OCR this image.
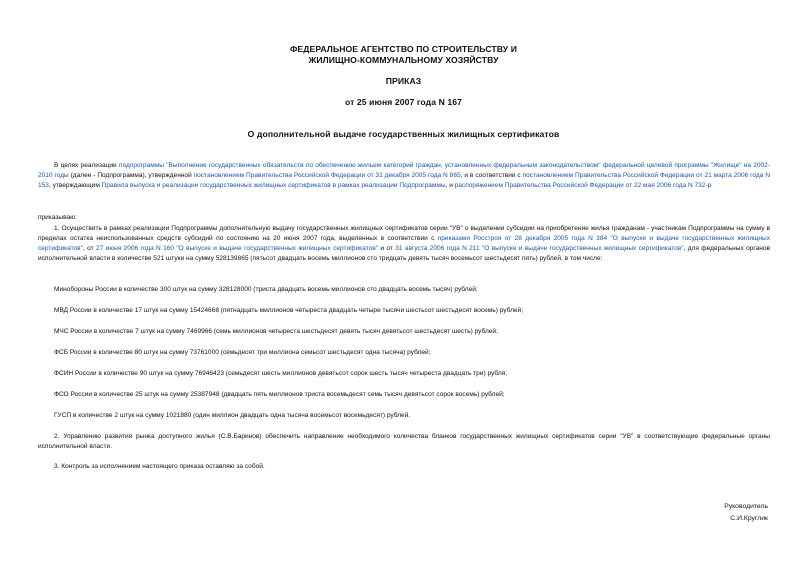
ФЕДЕРАЛЬНОЕ АГЕНТСТВО ПО СТРОИТЕЛЬСТВУ И
ЖИЛИЩНО-КОММУНАЛЬНОМУ ХОЗЯЙСТВУ
ПРИКАЗ
от 25 июня 2007 года N 167
О дополнительной выдаче государственных жилищных сертификатов
В целях реализации подпрограммы "Выполнение государственных обязательств по обеспечению жильем категорий граждан, установленных федеральным законодательством" федеральной целевой программы "Жилище" на 2002-2010 годы (далее - Подпрограмма), утвержденной постановлением Правительства Российской Федерации от 31 декабря 2005 года N 865, и в соответствии с постановлением Правительства Российской Федерации от 21 марта 2006 года N 153, утверждающим Правила выпуска и реализации государственных жилищных сертификатов в рамках реализации Подпрограммы, и распоряжением Правительства Российской Федерации от 22 мая 2006 года N 732-р
приказываю:
1. Осуществить в рамках реализации Подпрограммы дополнительную выдачу государственных жилищных сертификатов серии "УВ" о выделении субсидии на приобретение жилья гражданам - участникам Подпрограммы на сумму в пределах остатка неиспользованных средств субсидий по состоянию на 20 июня 2007 года, выделенных в соответствии с приказами Росстроя от 28 декабря 2005 года N 384 "О выпуске и выдаче государственных жилищных сертификатов", от 27 июня 2006 года N 160 "О выпуске и выдаче государственных жилищных сертификатов" и от 31 августа 2006 года N 211 "О выпуске и выдаче государственных жилищных сертификатов", для федеральных органов исполнительной власти в количестве 521 штуки на сумму 528139865 (пятьсот двадцать восемь миллионов сто тридцать девять тысяч восемьсот шестьдесят пять) рублей, в том числе:
Минобороны России в количестве 300 штук на сумму 328128000 (триста двадцать восемь миллионов сто двадцать восемь тысяч) рублей;
МВД России в количестве 17 штук на сумму 15424668 (пятнадцать миллионов четыреста двадцать четыре тысячи шестьсот шестьдесят восемь) рублей;
МЧС России в количестве 7 штук на сумму 7469966 (семь миллионов четыреста шестьдесят девять тысяч девятьсот шестьдесят шесть) рублей;
ФСБ России в количестве 80 штук на сумму 73761000 (семьдесят три миллиона семьсот шестьдесят одна тысяча) рублей;
ФСИН России в количестве 90 штук на сумму 76946423 (семьдесят шесть миллионов девятьсот сорок шесть тысяч четыреста двадцать три) рубля;
ФСО России в количестве 25 штук на сумму 25387948 (двадцать пять миллионов триста восемьдесят семь тысяч девятьсот сорок восемь) рублей;
ГУСП в количестве 2 штук на сумму 1021880 (один миллион двадцать одна тысяча восемьсот восемьдесят) рублей.
2. Управлению развития рынка доступного жилья (С.В.Баринов) обеспечить направление необходимого количества бланков государственных жилищных сертификатов серии "УВ" в соответствующие федеральные органы исполнительной власти.
3. Контроль за исполнением настоящего приказа оставляю за собой.
Руководитель
С.И.Круглик
